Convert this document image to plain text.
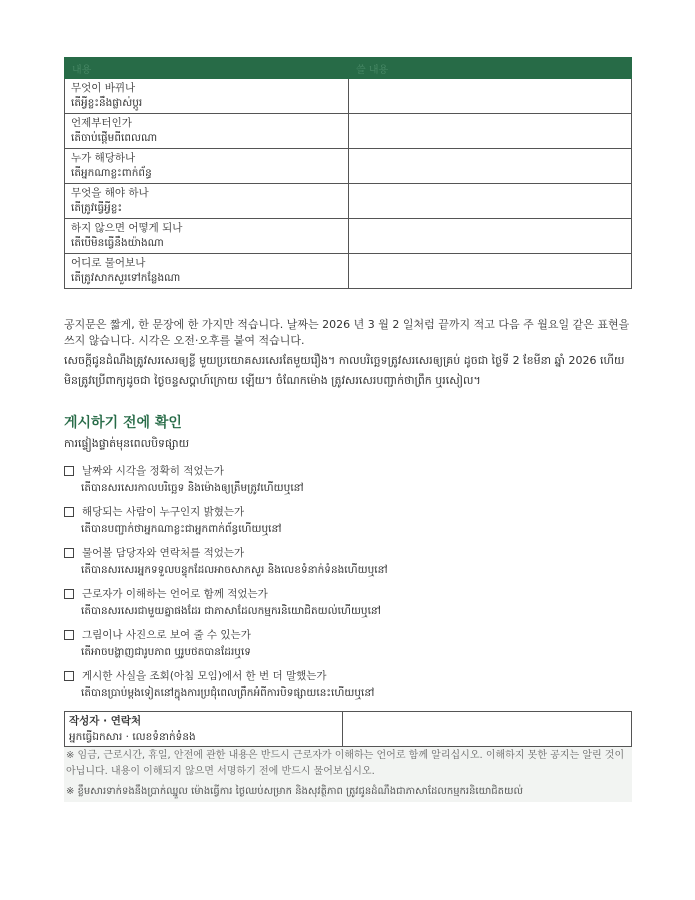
내용	쓸 내용

무엇이 바뀌나
តើអ្វីខ្លះនឹងផ្លាស់ប្តូរ	

언제부터인가
តើចាប់ផ្តើមពីពេលណា	

누가 해당하나
តើអ្នកណាខ្លះពាក់ព័ន្ធ	

무엇을 해야 하나
តើត្រូវធ្វើអ្វីខ្លះ	

하지 않으면 어떻게 되나
តើបើមិនធ្វើនឹងយ៉ាងណា	

어디로 물어보나
តើត្រូវសាកសួរទៅកន្លែងណា	

공지문은 짧게, 한 문장에 한 가지만 적습니다. 날짜는 2026 년 3 월 2 일처럼 끝까지 적고 다음 주 월요일 같은 표현을 쓰지 않습니다. 시각은 오전·오후를 붙여 적습니다.
សេចក្តីជូនដំណឹងត្រូវសរសេរឲ្យខ្លី មួយប្រយោគសរសេរតែមួយរឿង។ កាលបរិច្ឆេទត្រូវសរសេរឲ្យគ្រប់ ដូចជា ថ្ងៃទី 2 ខែមីនា ឆ្នាំ 2026 ហើយមិនត្រូវប្រើពាក្យដូចជា ថ្ងៃចន្ទសប្តាហ៍ក្រោយ ឡើយ។ ចំណែកម៉ោង ត្រូវសរសេរបញ្ជាក់ថាព្រឹក ឬរសៀល។
게시하기 전에 확인
ការផ្ទៀងផ្ទាត់មុនពេលបិទផ្សាយ
날짜와 시각을 정확히 적었는가
តើបានសរសេរកាលបរិច្ឆេទ និងម៉ោងឲ្យត្រឹមត្រូវហើយឬនៅ
해당되는 사람이 누구인지 밝혔는가
តើបានបញ្ជាក់ថាអ្នកណាខ្លះជាអ្នកពាក់ព័ន្ធហើយឬនៅ
물어볼 담당자와 연락처를 적었는가
តើបានសរសេរអ្នកទទួលបន្ទុកដែលអាចសាកសួរ និងលេខទំនាក់ទំនងហើយឬនៅ
근로자가 이해하는 언어로 함께 적었는가
តើបានសរសេរជាមួយគ្នាផងដែរ ជាភាសាដែលកម្មករនិយោជិតយល់ហើយឬនៅ
그림이나 사진으로 보여 줄 수 있는가
តើអាចបង្ហាញជារូបភាព ឬរូបថតបានដែរឬទេ
게시한 사실을 조회(아침 모임)에서 한 번 더 말했는가
តើបានប្រាប់ម្តងទៀតនៅក្នុងការប្រជុំពេលព្រឹកអំពីការបិទផ្សាយនេះហើយឬនៅ
작성자 · 연락처
អ្នកធ្វើឯកសារ · លេខទំនាក់ទំនង

※ 임금, 근로시간, 휴일, 안전에 관한 내용은 반드시 근로자가 이해하는 언어로 함께 알리십시오. 이해하지 못한 공지는 알린 것이 아닙니다. 내용이 이해되지 않으면 서명하기 전에 반드시 물어보십시오.
※ ខ្លឹមសារទាក់ទងនឹងប្រាក់ឈ្នួល ម៉ោងធ្វើការ ថ្ងៃឈប់សម្រាក និងសុវត្ថិភាព ត្រូវជូនដំណឹងជាភាសាដែលកម្មករនិយោជិតយល់
